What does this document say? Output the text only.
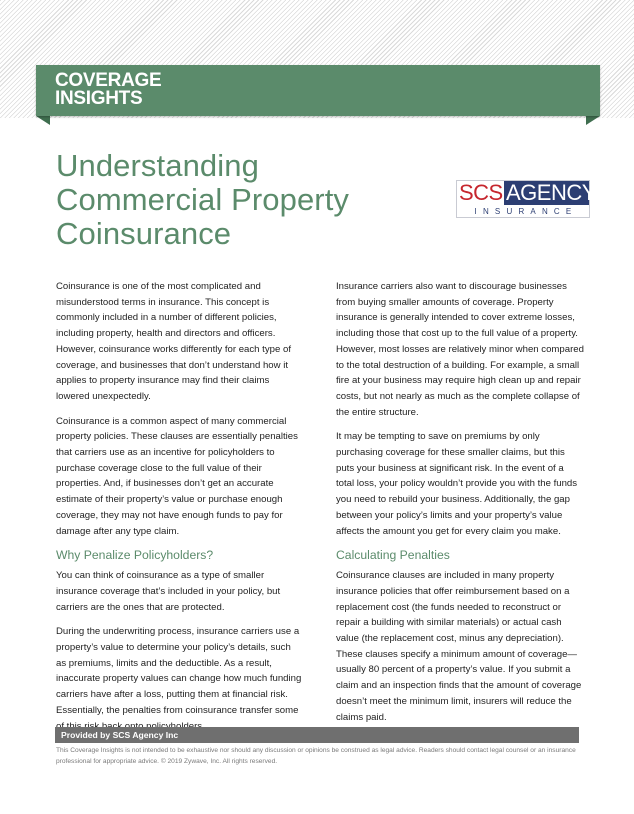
COVERAGE
INSIGHTS
Understanding
Commercial Property
Coinsurance
SCS AGENCY
INSURANCE

Coinsurance is one of the most complicated and misunderstood terms in insurance. This concept is commonly included in a number of different policies, including property, health and directors and officers. However, coinsurance works differently for each type of coverage, and businesses that don’t understand how it applies to property insurance may find their claims lowered unexpectedly.

Coinsurance is a common aspect of many commercial property policies. These clauses are essentially penalties that carriers use as an incentive for policyholders to purchase coverage close to the full value of their properties. And, if businesses don’t get an accurate estimate of their property’s value or purchase enough coverage, they may not have enough funds to pay for damage after any type claim.

Why Penalize Policyholders?

You can think of coinsurance as a type of smaller insurance coverage that’s included in your policy, but carriers are the ones that are protected.

During the underwriting process, insurance carriers use a property’s value to determine your policy’s details, such as premiums, limits and the deductible. As a result, inaccurate property values can change how much funding carriers have after a loss, putting them at financial risk. Essentially, the penalties from coinsurance transfer some

Insurance carriers also want to discourage businesses from buying smaller amounts of coverage. Property insurance is generally intended to cover extreme losses, including those that cost up to the full value of a property. However, most losses are relatively minor when compared to the total destruction of a building. For example, a small fire at your business may require high clean up and repair costs, but not nearly as much as the complete collapse of the entire structure.

It may be tempting to save on premiums by only purchasing coverage for these smaller claims, but this puts your business at significant risk. In the event of a total loss, your policy wouldn’t provide you with the funds you need to rebuild your business. Additionally, the gap between your policy’s limits and your property’s value affects the amount you get for every claim you make.

Calculating Penalties

Coinsurance clauses are included in many property insurance policies that offer reimbursement based on a replacement cost (the funds needed to reconstruct or repair a building with similar materials) or actual cash value (the replacement cost, minus any depreciation). These clauses specify a minimum amount of coverage—usually 80 percent of a property’s value. If you submit a claim and an inspection finds that the amount of coverage doesn’t meet the minimum limit, insurers will reduce the claims paid.

Provided by SCS Agency Inc
This Coverage Insights is not intended to be exhaustive nor should any discussion or opinions be construed as legal advice. Readers should contact legal counsel or an insurance professional for appropriate advice. © 2019 Zywave, Inc. All rights reserved.
